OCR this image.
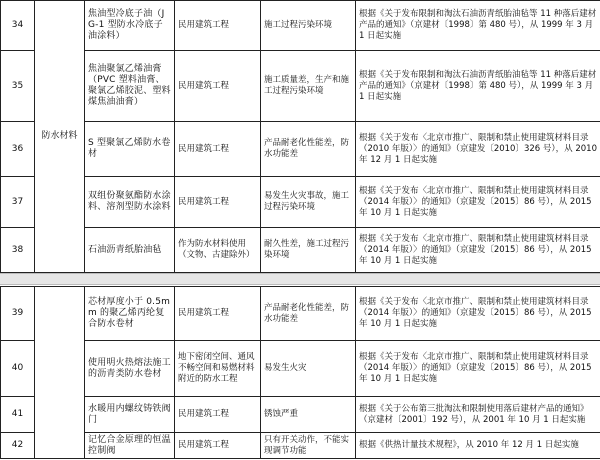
34	防水材料	焦油型冷底子油（JG-1 型防水冷底子油涂料）	民用建筑工程	施工过程污染环境	根据《关于发布限制和淘汰石油沥青纸胎油毡等 11 种落后建材产品的通知》（京建材〔1998〕第 480 号），从 1999 年 3 月 1 日起实施
35		焦油聚氯乙烯油膏（PVC 塑料油膏、聚氯乙烯胶泥、塑料煤焦油油膏）	民用建筑工程	施工质量差，生产和施工过程污染环境	根据《关于发布限制和淘汰石油沥青纸胎油毡等 11 种落后建材产品的通知》（京建材〔1998〕第 480 号），从 1999 年 3 月 1 日起实施
36		S 型聚氯乙烯防水卷材	民用建筑工程	产品耐老化性能差，防水功能差	根据《关于发布〈北京市推广、限制和禁止使用建筑材料目录（2010 年版）〉的通知》（京建发〔2010〕326 号），从 2010 年 12 月 1 日起实施
37		双组份聚氨酯防水涂料、溶剂型防水涂料	民用建筑工程	易发生火灾事故，施工过程污染环境	根据《关于发布〈北京市推广、限制和禁止使用建筑材料目录（2014 年版）〉的通知》（京建发〔2015〕86 号），从 2015 年 10 月 1 日起实施
38		石油沥青纸胎油毡	作为防水材料使用（文物、古建除外）	耐久性差，施工过程污染环境	根据《关于发布〈北京市推广、限制和禁止使用建筑材料目录（2014 年版）〉的通知》（京建发〔2015〕86 号），从 2015 年 10 月 1 日起实施
39		芯材厚度小于 0.5mm 的聚乙烯丙纶复合防水卷材	民用建筑工程	产品耐老化性能差，防水功能差	根据《关于发布〈北京市推广、限制和禁止使用建筑材料目录（2014 年版）〉的通知》（京建发〔2015〕86 号），从 2015 年 10 月 1 日起实施
40		使用明火热熔法施工的沥青类防水卷材	地下密闭空间、通风不畅空间和易燃材料附近的防水工程	易发生火灾	根据《关于发布〈北京市推广、限制和禁止使用建筑材料目录（2014 年版）〉的通知》（京建发〔2015〕86 号），从 2015 年 10 月 1 日起实施
41		水暖用内螺纹铸铁阀门	民用建筑工程	锈蚀严重	根据《关于公布第三批淘汰和限制使用落后建材产品的通知》（京建材〔2001〕192 号），从 2001 年 10 月 1 日起实施
42		记忆合金原理的恒温控制阀	民用建筑工程	只有开关动作，不能实现调节功能	根据《供热计量技术规程》，从 2010 年 12 月 1 日起实施
